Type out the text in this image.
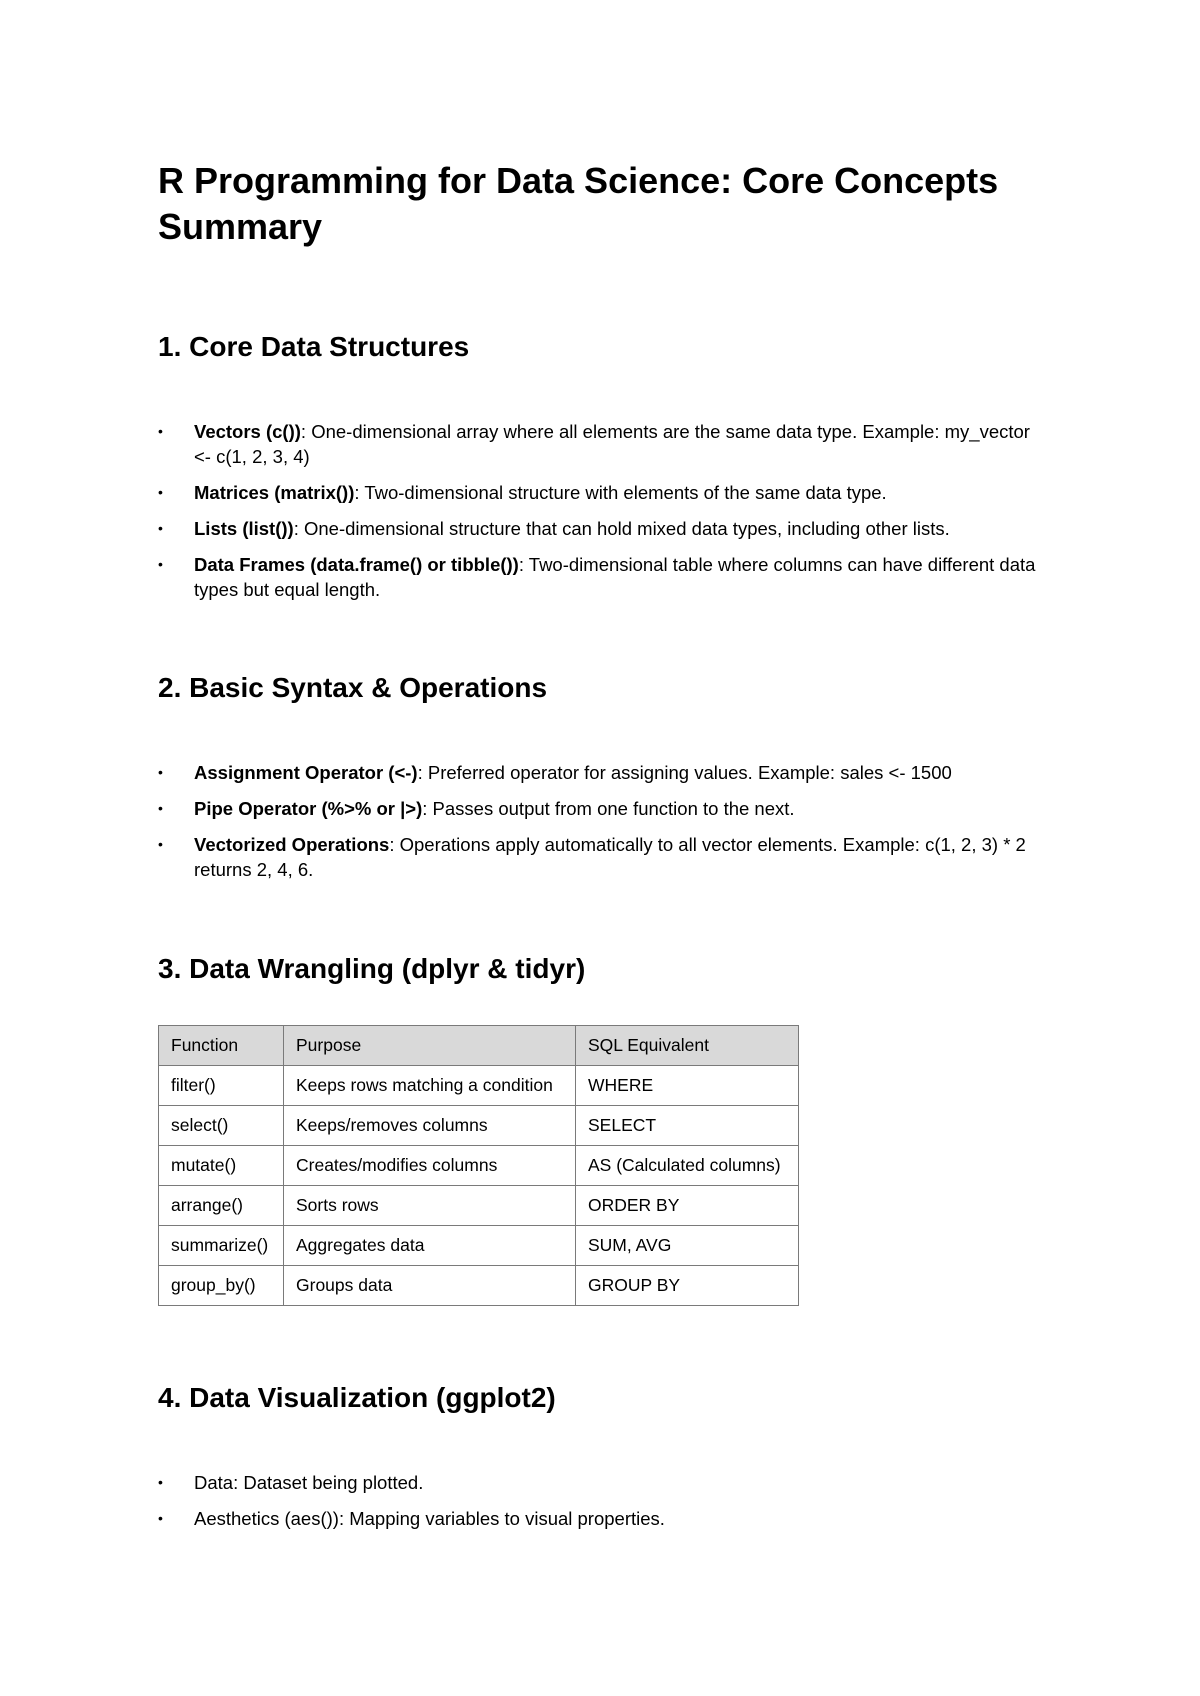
R Programming for Data Science: Core Concepts Summary
1. Core Data Structures
•	Vectors (c()): One-dimensional array where all elements are the same data type. Example: my_vector <- c(1, 2, 3, 4)
•	Matrices (matrix()): Two-dimensional structure with elements of the same data type.
•	Lists (list()): One-dimensional structure that can hold mixed data types, including other lists.
•	Data Frames (data.frame() or tibble()): Two-dimensional table where columns can have different data types but equal length.
2. Basic Syntax & Operations
•	Assignment Operator (<-): Preferred operator for assigning values. Example: sales <- 1500
•	Pipe Operator (%>% or |>): Passes output from one function to the next.
•	Vectorized Operations: Operations apply automatically to all vector elements. Example: c(1, 2, 3) * 2 returns 2, 4, 6.
3. Data Wrangling (dplyr & tidyr)
Function	Purpose	SQL Equivalent
filter()	Keeps rows matching a condition	WHERE
select()	Keeps/removes columns	SELECT
mutate()	Creates/modifies columns	AS (Calculated columns)
arrange()	Sorts rows	ORDER BY
summarize()	Aggregates data	SUM, AVG
group_by()	Groups data	GROUP BY
4. Data Visualization (ggplot2)
•	Data: Dataset being plotted.
•	Aesthetics (aes()): Mapping variables to visual properties.
